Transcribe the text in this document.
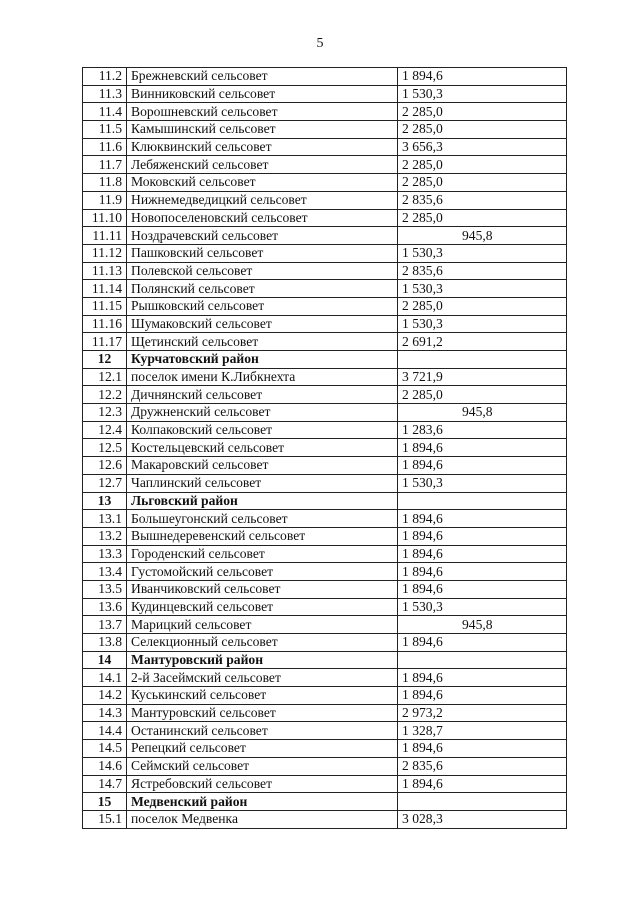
5
11.2	Брежневский сельсовет	1 894,6
11.3	Винниковский сельсовет	1 530,3
11.4	Ворошневский сельсовет	2 285,0
11.5	Камышинский сельсовет	2 285,0
11.6	Клюквинский сельсовет	3 656,3
11.7	Лебяженский сельсовет	2 285,0
11.8	Моковский сельсовет	2 285,0
11.9	Нижнемедведицкий сельсовет	2 835,6
11.10	Новопоселеновский сельсовет	2 285,0
11.11	Ноздрачевский сельсовет	945,8
11.12	Пашковский сельсовет	1 530,3
11.13	Полевской сельсовет	2 835,6
11.14	Полянский сельсовет	1 530,3
11.15	Рышковский сельсовет	2 285,0
11.16	Шумаковский сельсовет	1 530,3
11.17	Щетинский сельсовет	2 691,2
12	Курчатовский район	
12.1	поселок имени К.Либкнехта	3 721,9
12.2	Дичнянский сельсовет	2 285,0
12.3	Дружненский сельсовет	945,8
12.4	Колпаковский сельсовет	1 283,6
12.5	Костельцевский сельсовет	1 894,6
12.6	Макаровский сельсовет	1 894,6
12.7	Чаплинский сельсовет	1 530,3
13	Льговский район	
13.1	Большеугонский сельсовет	1 894,6
13.2	Вышнедеревенский сельсовет	1 894,6
13.3	Городенский сельсовет	1 894,6
13.4	Густомойский сельсовет	1 894,6
13.5	Иванчиковский сельсовет	1 894,6
13.6	Кудинцевский сельсовет	1 530,3
13.7	Марицкий сельсовет	945,8
13.8	Селекционный сельсовет	1 894,6
14	Мантуровский район	
14.1	2-й Засеймский сельсовет	1 894,6
14.2	Куськинский сельсовет	1 894,6
14.3	Мантуровский сельсовет	2 973,2
14.4	Останинский сельсовет	1 328,7
14.5	Репецкий сельсовет	1 894,6
14.6	Сеймский сельсовет	2 835,6
14.7	Ястребовский сельсовет	1 894,6
15	Медвенский район	
15.1	поселок Медвенка	3 028,3
